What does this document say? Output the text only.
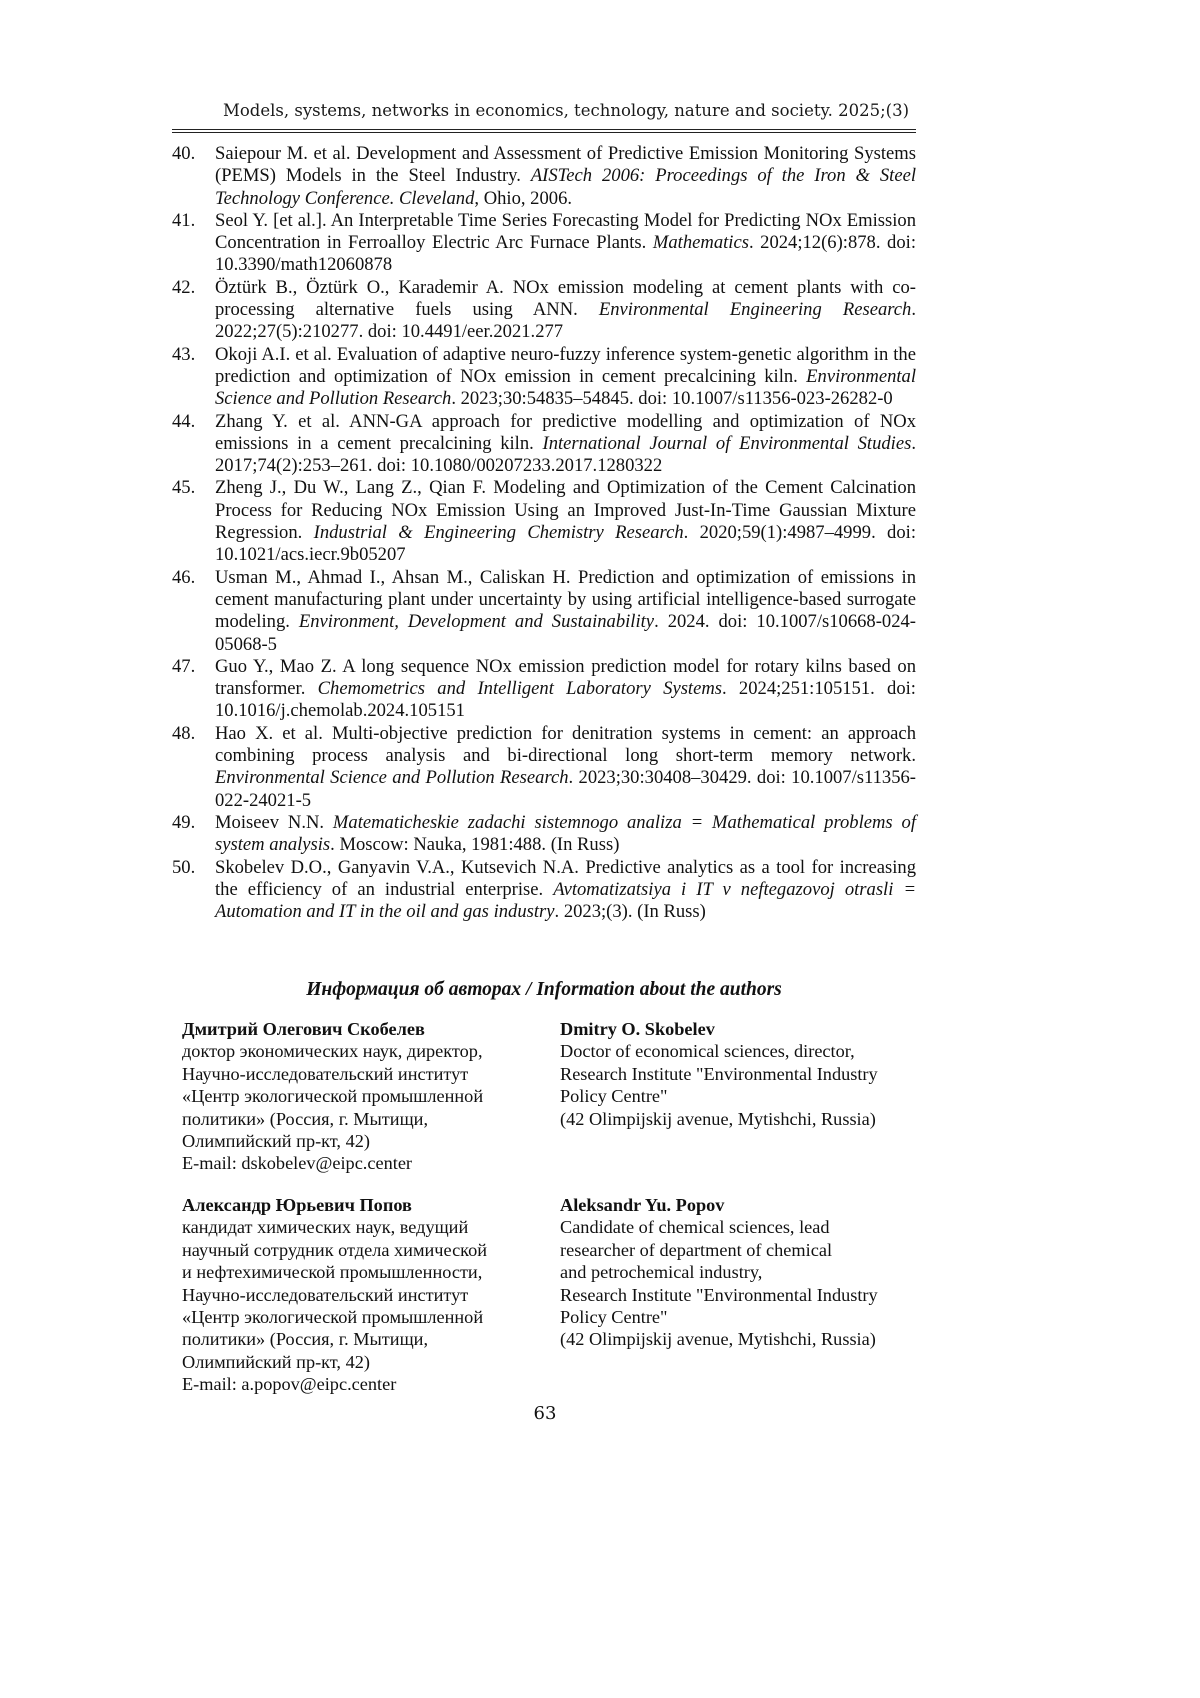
Models, systems, networks in economics, technology, nature and society. 2025;(3)
40. Saiepour M. et al. Development and Assessment of Predictive Emission Monitoring Systems (PEMS) Models in the Steel Industry. AISTech 2006: Proceedings of the Iron & Steel Technology Conference. Cleveland, Ohio, 2006.
41. Seol Y. [et al.]. An Interpretable Time Series Forecasting Model for Predicting NOx Emission Concentration in Ferroalloy Electric Arc Furnace Plants. Mathematics. 2024;12(6):878. doi: 10.3390/math12060878
42. Öztürk B., Öztürk O., Karademir A. NOx emission modeling at cement plants with co-processing alternative fuels using ANN. Environmental Engineering Research. 2022;27(5):210277. doi: 10.4491/eer.2021.277
43. Okoji A.I. et al. Evaluation of adaptive neuro-fuzzy inference system-genetic algorithm in the prediction and optimization of NOx emission in cement precalcining kiln. Environmental Science and Pollution Research. 2023;30:54835–54845. doi: 10.1007/s11356-023-26282-0
44. Zhang Y. et al. ANN-GA approach for predictive modelling and optimization of NOx emissions in a cement precalcining kiln. International Journal of Environmental Studies. 2017;74(2):253–261. doi: 10.1080/00207233.2017.1280322
45. Zheng J., Du W., Lang Z., Qian F. Modeling and Optimization of the Cement Calcination Process for Reducing NOx Emission Using an Improved Just-In-Time Gaussian Mixture Regression. Industrial & Engineering Chemistry Research. 2020;59(1):4987–4999. doi: 10.1021/acs.iecr.9b05207
46. Usman M., Ahmad I., Ahsan M., Caliskan H. Prediction and optimization of emissions in cement manufacturing plant under uncertainty by using artificial intelligence-based surrogate modeling. Environment, Development and Sustainability. 2024. doi: 10.1007/s10668-024-05068-5
47. Guo Y., Mao Z. A long sequence NOx emission prediction model for rotary kilns based on transformer. Chemometrics and Intelligent Laboratory Systems. 2024;251:105151. doi: 10.1016/j.chemolab.2024.105151
48. Hao X. et al. Multi-objective prediction for denitration systems in cement: an approach combining process analysis and bi-directional long short-term memory network. Environmental Science and Pollution Research. 2023;30:30408–30429. doi: 10.1007/s11356-022-24021-5
49. Moiseev N.N. Matematicheskie zadachi sistemnogo analiza = Mathematical problems of system analysis. Moscow: Nauka, 1981:488. (In Russ)
50. Skobelev D.O., Ganyavin V.A., Kutsevich N.A. Predictive analytics as a tool for increasing the efficiency of an industrial enterprise. Avtomatizatsiya i IT v neftegazovoj otrasli = Automation and IT in the oil and gas industry. 2023;(3). (In Russ)
Информация об авторах / Information about the authors
Дмитрий Олегович Скобелев
доктор экономических наук, директор,
Научно-исследовательский институт
«Центр экологической промышленной
политики» (Россия, г. Мытищи,
Олимпийский пр-кт, 42)
E-mail: dskobelev@eipc.center
Dmitry O. Skobelev
Doctor of economical sciences, director,
Research Institute "Environmental Industry
Policy Centre"
(42 Olimpijskij avenue, Mytishchi, Russia)
Александр Юрьевич Попов
кандидат химических наук, ведущий
научный сотрудник отдела химической
и нефтехимической промышленности,
Научно-исследовательский институт
«Центр экологической промышленной
политики» (Россия, г. Мытищи,
Олимпийский пр-кт, 42)
E-mail: a.popov@eipc.center
Aleksandr Yu. Popov
Candidate of chemical sciences, lead
researcher of department of chemical
and petrochemical industry,
Research Institute "Environmental Industry
Policy Centre"
(42 Olimpijskij avenue, Mytishchi, Russia)
63
